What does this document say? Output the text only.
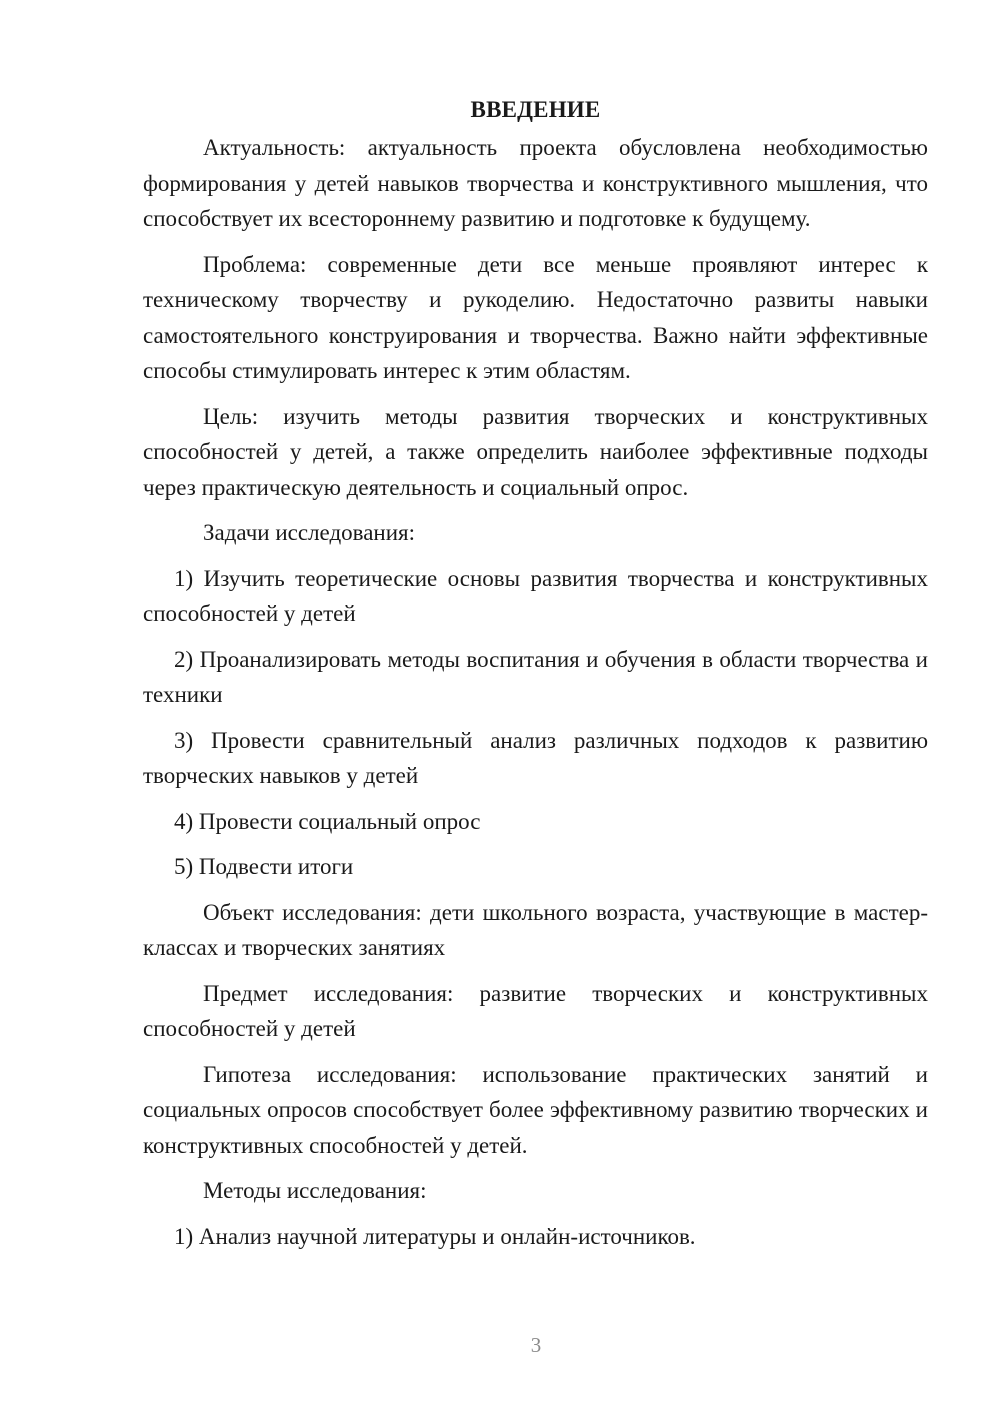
ВВЕДЕНИЕ

Актуальность: актуальность проекта обусловлена необходимостью формирования у детей навыков творчества и конструктивного мышления, что способствует их всестороннему развитию и подготовке к будущему.

Проблема: современные дети все меньше проявляют интерес к техническому творчеству и рукоделию. Недостаточно развиты навыки самостоятельного конструирования и творчества. Важно найти эффективные способы стимулировать интерес к этим областям.

Цель: изучить методы развития творческих и конструктивных способностей у детей, а также определить наиболее эффективные подходы через практическую деятельность и социальный опрос.

Задачи исследования:

1) Изучить теоретические основы развития творчества и конструктивных способностей у детей

2) Проанализировать методы воспитания и обучения в области творчества и техники

3) Провести сравнительный анализ различных подходов к развитию творческих навыков у детей

4) Провести социальный опрос

5) Подвести итоги

Объект исследования: дети школьного возраста, участвующие в мастер-классах и творческих занятиях

Предмет исследования: развитие творческих и конструктивных способностей у детей

Гипотеза исследования: использование практических занятий и социальных опросов способствует более эффективному развитию творческих и конструктивных способностей у детей.

Методы исследования:

1) Анализ научной литературы и онлайн-источников.

3
